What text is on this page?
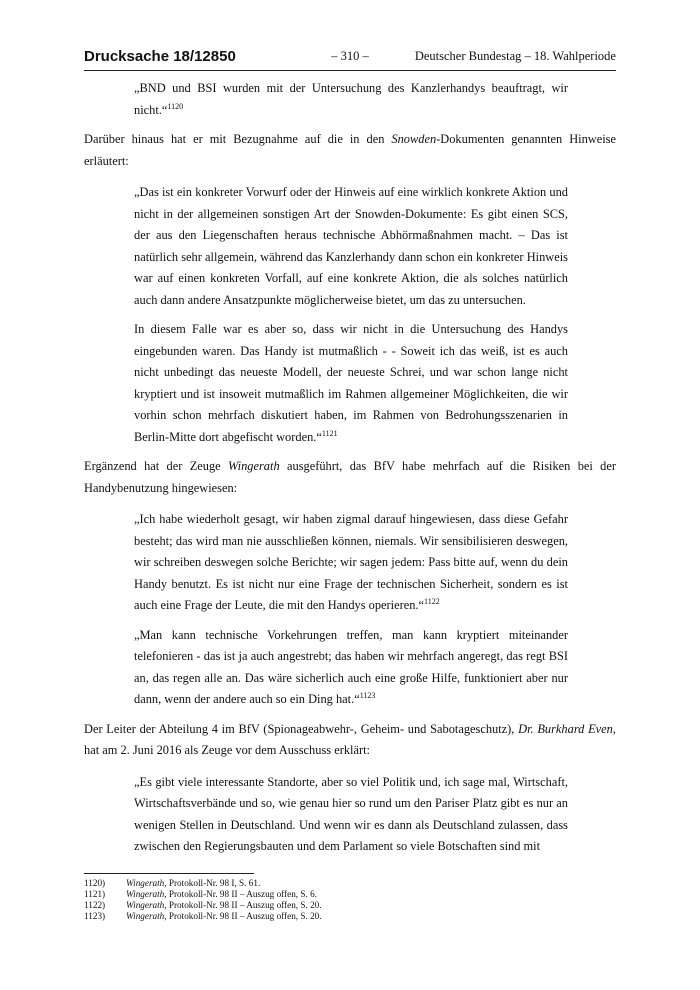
Drucksache 18/12850	– 310 –	Deutscher Bundestag – 18. Wahlperiode

„BND und BSI wurden mit der Untersuchung des Kanzlerhandys beauftragt, wir nicht.“$^{1120}$

Darüber hinaus hat er mit Bezugnahme auf die in den Snowden-Dokumenten genannten Hinweise erläutert:

„Das ist ein konkreter Vorwurf oder der Hinweis auf eine wirklich konkrete Aktion und nicht in der allgemeinen sonstigen Art der Snowden-Dokumente: Es gibt einen SCS, der aus den Liegenschaften heraus technische Abhörmaßnahmen macht. – Das ist natürlich sehr allgemein, während das Kanzlerhandy dann schon ein konkreter Hinweis war auf einen konkreten Vorfall, auf eine konkrete Aktion, die als solches natürlich auch dann andere Ansatzpunkte möglicherweise bietet, um das zu untersuchen.

In diesem Falle war es aber so, dass wir nicht in die Untersuchung des Handys eingebunden waren. Das Handy ist mutmaßlich - - Soweit ich das weiß, ist es auch nicht unbedingt das neueste Modell, der neueste Schrei, und war schon lange nicht kryptiert und ist insoweit mutmaßlich im Rahmen allgemeiner Möglichkeiten, die wir vorhin schon mehrfach diskutiert haben, im Rahmen von Bedrohungsszenarien in Berlin-Mitte dort abgefischt worden.“$^{1121}$

Ergänzend hat der Zeuge Wingerath ausgeführt, das BfV habe mehrfach auf die Risiken bei der Handybenutzung hingewiesen:

„Ich habe wiederholt gesagt, wir haben zigmal darauf hingewiesen, dass diese Gefahr besteht; das wird man nie ausschließen können, niemals. Wir sensibilisieren deswegen, wir schreiben deswegen solche Berichte; wir sagen jedem: Pass bitte auf, wenn du dein Handy benutzt. Es ist nicht nur eine Frage der technischen Sicherheit, sondern es ist auch eine Frage der Leute, die mit den Handys operieren.“$^{1122}$

„Man kann technische Vorkehrungen treffen, man kann kryptiert miteinander telefonieren - das ist ja auch angestrebt; das haben wir mehrfach angeregt, das regt BSI an, das regen alle an. Das wäre sicherlich auch eine große Hilfe, funktioniert aber nur dann, wenn der andere auch so ein Ding hat.“$^{1123}$

Der Leiter der Abteilung 4 im BfV (Spionageabwehr-, Geheim- und Sabotageschutz), Dr. Burkhard Even, hat am 2. Juni 2016 als Zeuge vor dem Ausschuss erklärt:

„Es gibt viele interessante Standorte, aber so viel Politik und, ich sage mal, Wirtschaft, Wirtschaftsverbände und so, wie genau hier so rund um den Pariser Platz gibt es nur an wenigen Stellen in Deutschland. Und wenn wir es dann als Deutschland zulassen, dass zwischen den Regierungsbauten und dem Parlament so viele Botschaften sind mit

1120)	Wingerath, Protokoll-Nr. 98 I, S. 61.
1121)	Wingerath, Protokoll-Nr. 98 II – Auszug offen, S. 6.
1122)	Wingerath, Protokoll-Nr. 98 II – Auszug offen, S. 20.
1123)	Wingerath, Protokoll-Nr. 98 II – Auszug offen, S. 20.
